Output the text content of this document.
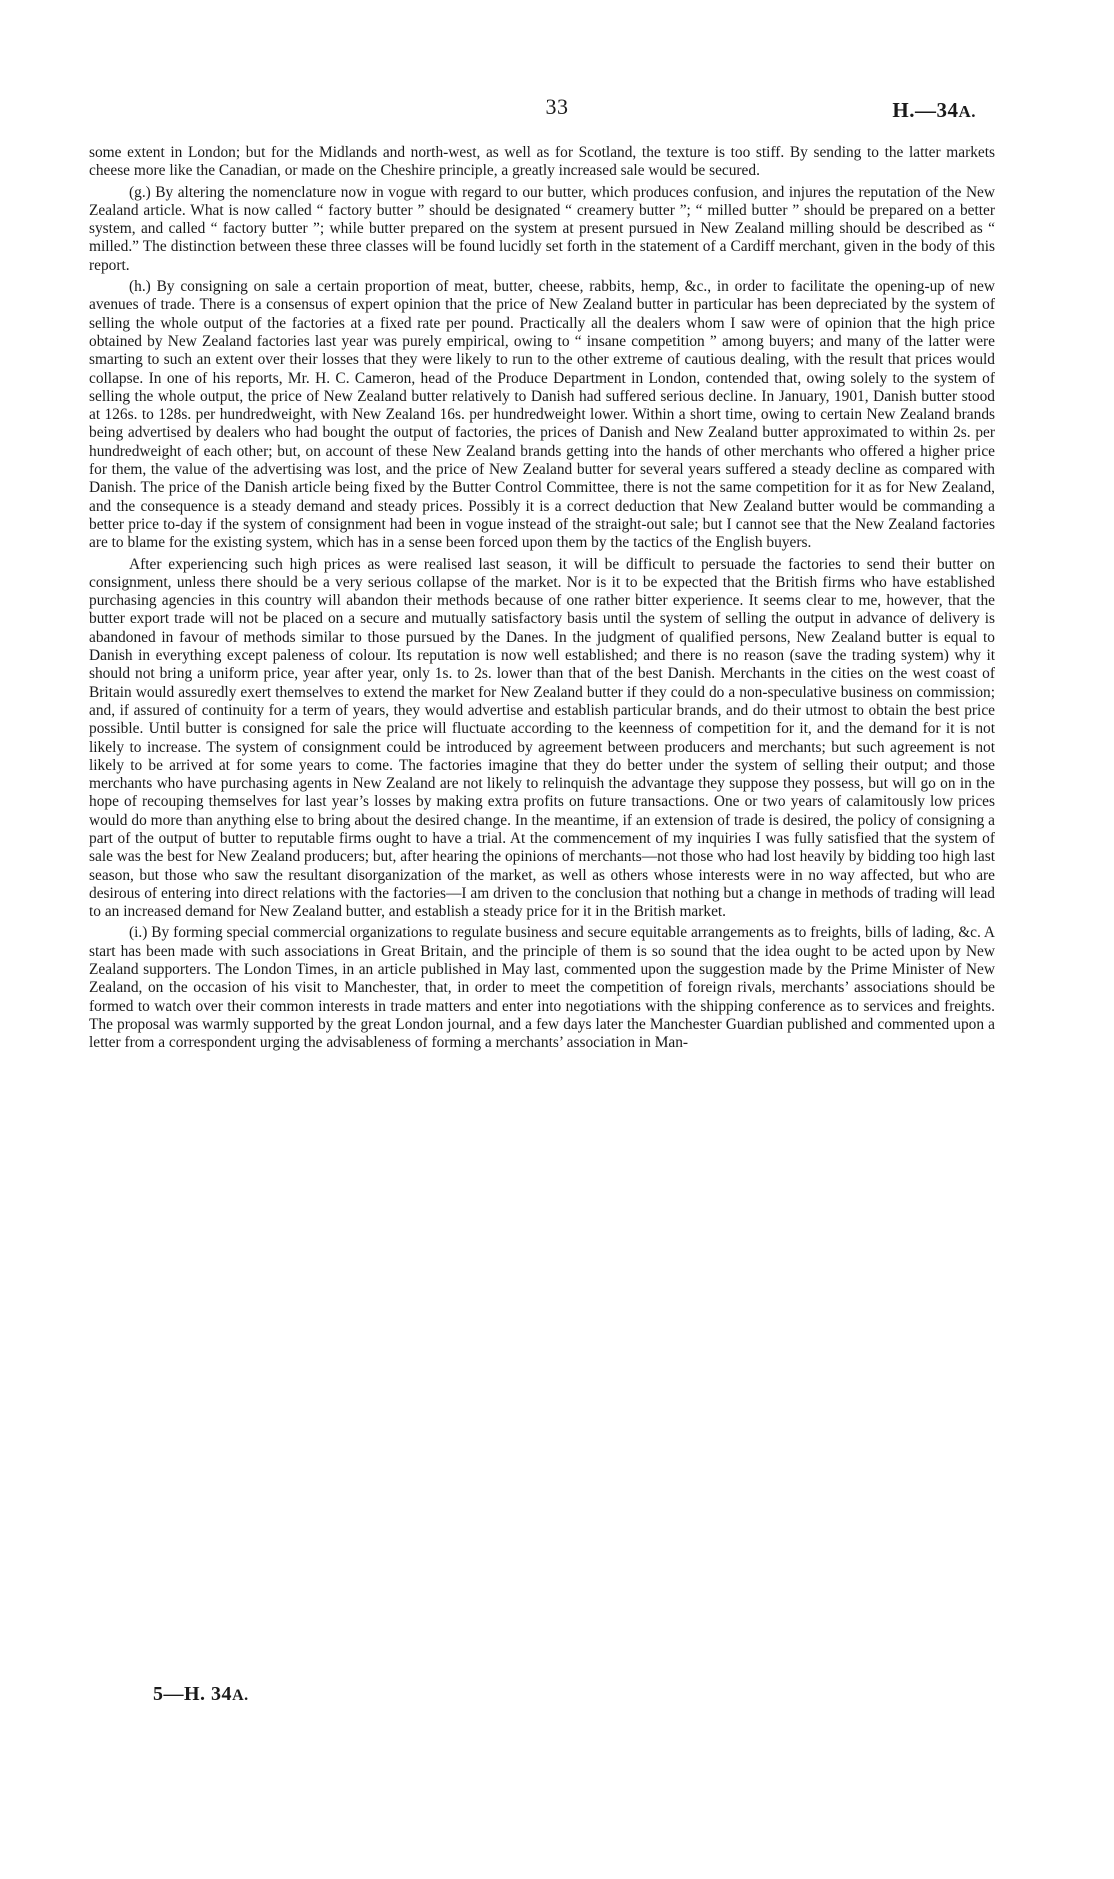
33	H.—34A.

some extent in London; but for the Midlands and north-west, as well as for Scotland, the texture is too stiff. By sending to the latter markets cheese more like the Canadian, or made on the Cheshire principle, a greatly increased sale would be secured.

(g.) By altering the nomenclature now in vogue with regard to our butter, which produces confusion, and injures the reputation of the New Zealand article. What is now called “ factory butter ” should be designated “ creamery butter ”; “ milled butter ” should be prepared on a better system, and called “ factory butter ”; while butter prepared on the system at present pursued in New Zealand milling should be described as “ milled.” The distinction between these three classes will be found lucidly set forth in the statement of a Cardiff merchant, given in the body of this report.

(h.) By consigning on sale a certain proportion of meat, butter, cheese, rabbits, hemp, &c., in order to facilitate the opening-up of new avenues of trade. There is a consensus of expert opinion that the price of New Zealand butter in particular has been depreciated by the system of selling the whole output of the factories at a fixed rate per pound. Practically all the dealers whom I saw were of opinion that the high price obtained by New Zealand factories last year was purely empirical, owing to “ insane competition ” among buyers; and many of the latter were smarting to such an extent over their losses that they were likely to run to the other extreme of cautious dealing, with the result that prices would collapse. In one of his reports, Mr. H. C. Cameron, head of the Produce Department in London, contended that, owing solely to the system of selling the whole output, the price of New Zealand butter relatively to Danish had suffered serious decline. In January, 1901, Danish butter stood at 126s. to 128s. per hundredweight, with New Zealand 16s. per hundredweight lower. Within a short time, owing to certain New Zealand brands being advertised by dealers who had bought the output of factories, the prices of Danish and New Zealand butter approximated to within 2s. per hundredweight of each other; but, on account of these New Zealand brands getting into the hands of other merchants who offered a higher price for them, the value of the advertising was lost, and the price of New Zealand butter for several years suffered a steady decline as compared with Danish. The price of the Danish article being fixed by the Butter Control Committee, there is not the same competition for it as for New Zealand, and the consequence is a steady demand and steady prices. Possibly it is a correct deduction that New Zealand butter would be commanding a better price to-day if the system of consignment had been in vogue instead of the straight-out sale; but I cannot see that the New Zealand factories are to blame for the existing system, which has in a sense been forced upon them by the tactics of the English buyers.

After experiencing such high prices as were realised last season, it will be difficult to persuade the factories to send their butter on consignment, unless there should be a very serious collapse of the market. Nor is it to be expected that the British firms who have established purchasing agencies in this country will abandon their methods because of one rather bitter experience. It seems clear to me, however, that the butter export trade will not be placed on a secure and mutually satisfactory basis until the system of selling the output in advance of delivery is abandoned in favour of methods similar to those pursued by the Danes. In the judgment of qualified persons, New Zealand butter is equal to Danish in everything except paleness of colour. Its reputation is now well established; and there is no reason (save the trading system) why it should not bring a uniform price, year after year, only 1s. to 2s. lower than that of the best Danish. Merchants in the cities on the west coast of Britain would assuredly exert themselves to extend the market for New Zealand butter if they could do a non-speculative business on commission; and, if assured of continuity for a term of years, they would advertise and establish particular brands, and do their utmost to obtain the best price possible. Until butter is consigned for sale the price will fluctuate according to the keenness of competition for it, and the demand for it is not likely to increase. The system of consignment could be introduced by agreement between producers and merchants; but such agreement is not likely to be arrived at for some years to come. The factories imagine that they do better under the system of selling their output; and those merchants who have purchasing agents in New Zealand are not likely to relinquish the advantage they suppose they possess, but will go on in the hope of recouping themselves for last year’s losses by making extra profits on future transactions. One or two years of calamitously low prices would do more than anything else to bring about the desired change. In the meantime, if an extension of trade is desired, the policy of consigning a part of the output of butter to reputable firms ought to have a trial. At the commencement of my inquiries I was fully satisfied that the system of sale was the best for New Zealand producers; but, after hearing the opinions of merchants—not those who had lost heavily by bidding too high last season, but those who saw the resultant disorganization of the market, as well as others whose interests were in no way affected, but who are desirous of entering into direct relations with the factories—I am driven to the conclusion that nothing but a change in methods of trading will lead to an increased demand for New Zealand butter, and establish a steady price for it in the British market.

(i.) By forming special commercial organizations to regulate business and secure equitable arrangements as to freights, bills of lading, &c. A start has been made with such associations in Great Britain, and the principle of them is so sound that the idea ought to be acted upon by New Zealand supporters. The London Times, in an article published in May last, commented upon the suggestion made by the Prime Minister of New Zealand, on the occasion of his visit to Manchester, that, in order to meet the competition of foreign rivals, merchants’ associations should be formed to watch over their common interests in trade matters and enter into negotiations with the shipping conference as to services and freights. The proposal was warmly supported by the great London journal, and a few days later the Manchester Guardian published and commented upon a letter from a correspondent urging the advisableness of forming a merchants’ association in Man-

5—H. 34A.
